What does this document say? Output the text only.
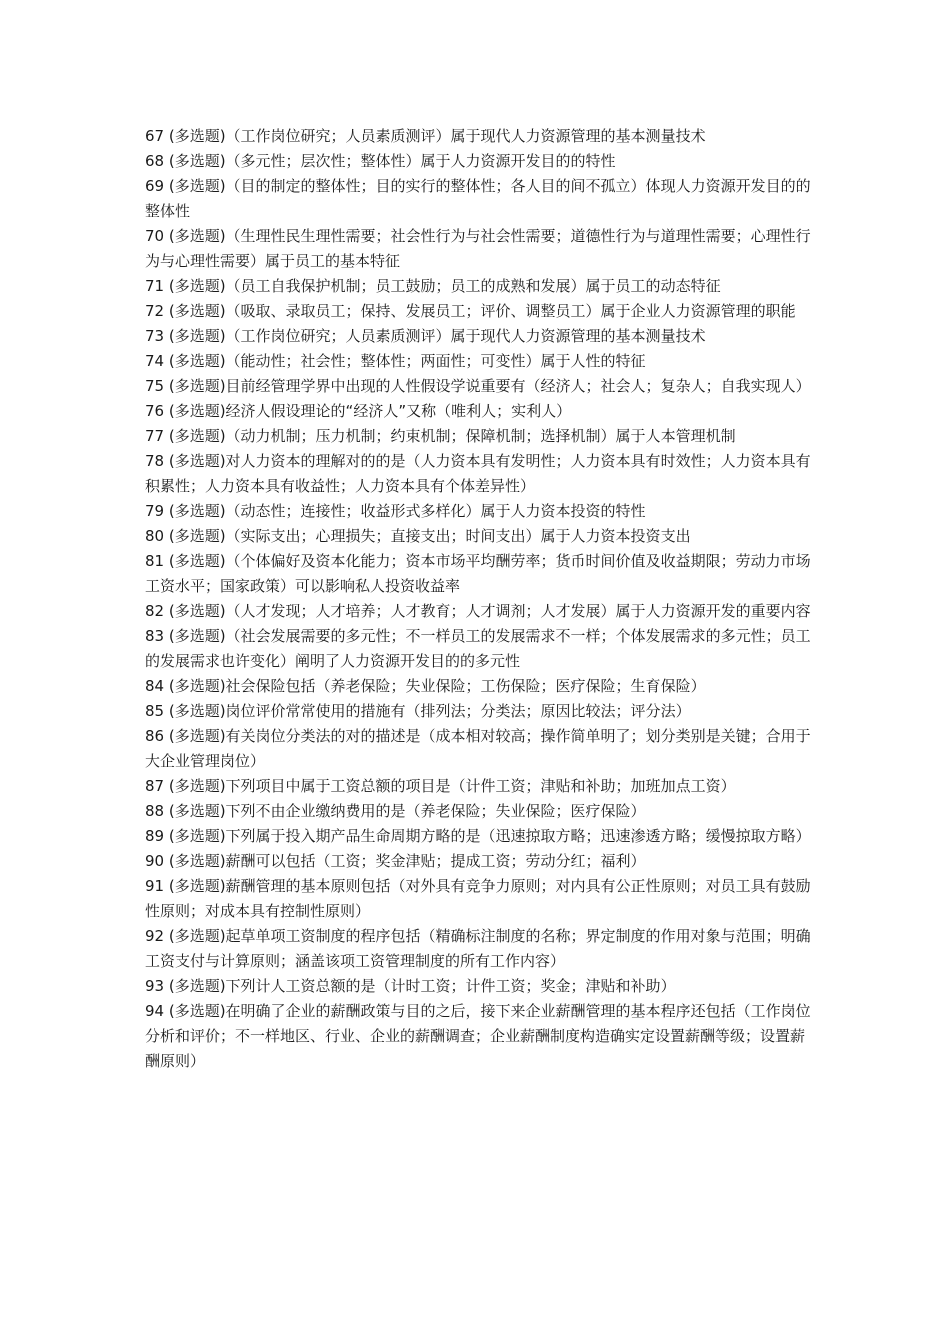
67 (多选题)（工作岗位研究；人员素质测评）属于现代人力资源管理的基本测量技术

68 (多选题)（多元性；层次性；整体性）属于人力资源开发目的的特性

69 (多选题)（目的制定的整体性；目的实行的整体性；各人目的间不孤立）体现人力资源开发目的的整体性

70 (多选题)（生理性民生理性需要；社会性行为与社会性需要；道德性行为与道理性需要；心理性行为与心理性需要）属于员工的基本特征

71 (多选题)（员工自我保护机制；员工鼓励；员工的成熟和发展）属于员工的动态特征

72 (多选题)（吸取、录取员工；保持、发展员工；评价、调整员工）属于企业人力资源管理的职能

73 (多选题)（工作岗位研究；人员素质测评）属于现代人力资源管理的基本测量技术

74 (多选题)（能动性；社会性；整体性；两面性；可变性）属于人性的特征

75 (多选题)目前经管理学界中出现的人性假设学说重要有（经济人；社会人；复杂人；自我实现人）

76 (多选题)经济人假设理论的“经济人”又称（唯利人；实利人）

77 (多选题)（动力机制；压力机制；约束机制；保障机制；选择机制）属于人本管理机制

78 (多选题)对人力资本的理解对的的是（人力资本具有发明性；人力资本具有时效性；人力资本具有积累性；人力资本具有收益性；人力资本具有个体差异性）

79 (多选题)（动态性；连接性；收益形式多样化）属于人力资本投资的特性

80 (多选题)（实际支出；心理损失；直接支出；时间支出）属于人力资本投资支出

81 (多选题)（个体偏好及资本化能力；资本市场平均酬劳率；货币时间价值及收益期限；劳动力市场工资水平；国家政策）可以影响私人投资收益率

82 (多选题)（人才发现；人才培养；人才教育；人才调剂；人才发展）属于人力资源开发的重要内容

83 (多选题)（社会发展需要的多元性；不一样员工的发展需求不一样；个体发展需求的多元性；员工的发展需求也许变化）阐明了人力资源开发目的的多元性

84 (多选题)社会保险包括（养老保险；失业保险；工伤保险；医疗保险；生育保险）

85 (多选题)岗位评价常常使用的措施有（排列法；分类法；原因比较法；评分法）

86 (多选题)有关岗位分类法的对的描述是（成本相对较高；操作简单明了；划分类别是关键；合用于大企业管理岗位）

87 (多选题)下列项目中属于工资总额的项目是（计件工资；津贴和补助；加班加点工资）

88 (多选题)下列不由企业缴纳费用的是（养老保险；失业保险；医疗保险）

89 (多选题)下列属于投入期产品生命周期方略的是（迅速掠取方略；迅速渗透方略；缓慢掠取方略）

90 (多选题)薪酬可以包括（工资；奖金津贴；提成工资；劳动分红；福利）

91 (多选题)薪酬管理的基本原则包括（对外具有竞争力原则；对内具有公正性原则；对员工具有鼓励性原则；对成本具有控制性原则）

92 (多选题)起草单项工资制度的程序包括（精确标注制度的名称；界定制度的作用对象与范围；明确工资支付与计算原则；涵盖该项工资管理制度的所有工作内容）

93 (多选题)下列计人工资总额的是（计时工资；计件工资；奖金；津贴和补助）

94 (多选题)在明确了企业的薪酬政策与目的之后，接下来企业薪酬管理的基本程序还包括（工作岗位分析和评价；不一样地区、行业、企业的薪酬调查；企业薪酬制度构造确实定设置薪酬等级；设置薪酬原则）
